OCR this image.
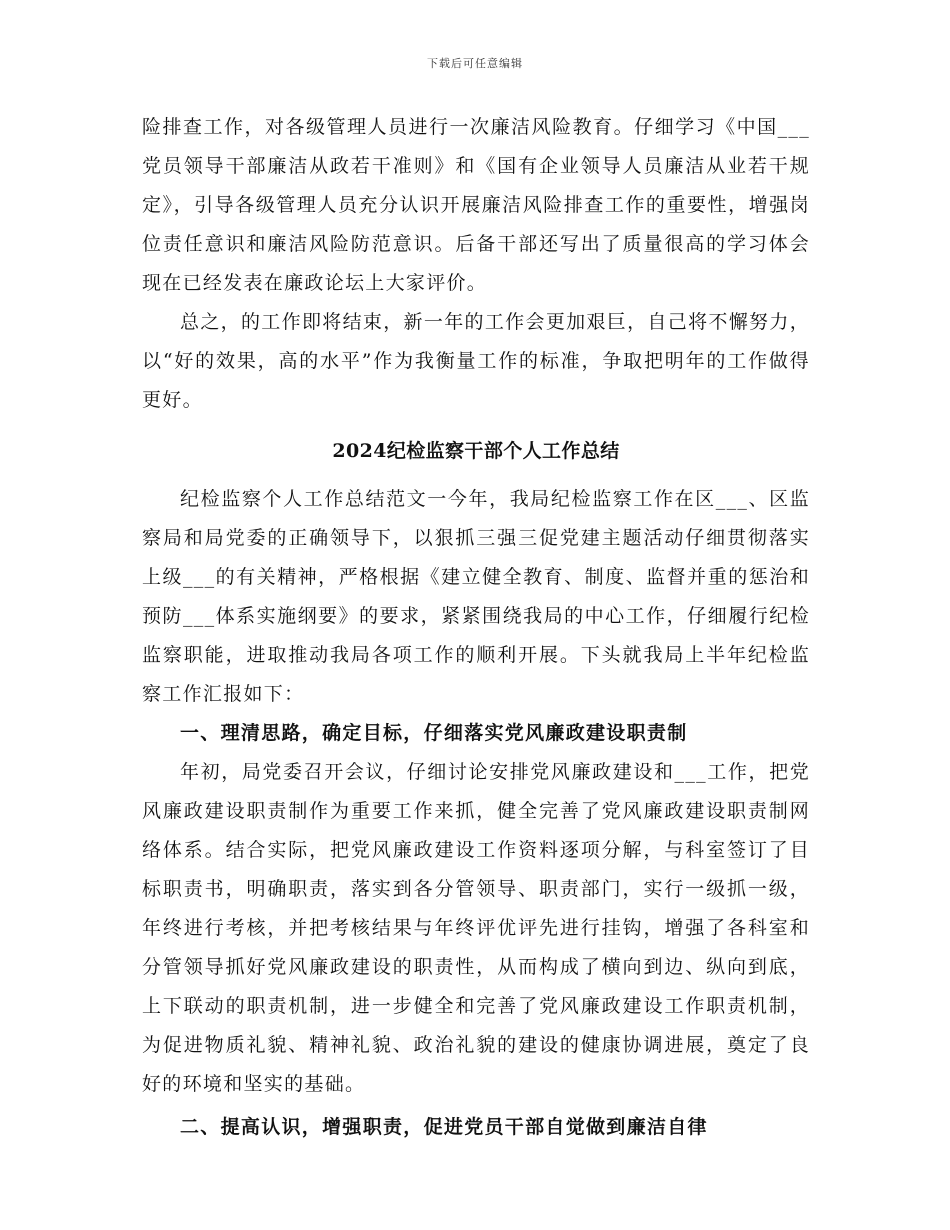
下载后可任意编辑

险排查工作，对各级管理人员进行一次廉洁风险教育。仔细学习《中国___党员领导干部廉洁从政若干准则》和《国有企业领导人员廉洁从业若干规定》，引导各级管理人员充分认识开展廉洁风险排查工作的重要性，增强岗位责任意识和廉洁风险防范意识。后备干部还写出了质量很高的学习体会现在已经发表在廉政论坛上大家评价。

总之，的工作即将结束，新一年的工作会更加艰巨，自己将不懈努力，以“好的效果，高的水平”作为我衡量工作的标准，争取把明年的工作做得更好。

2024纪检监察干部个人工作总结

纪检监察个人工作总结范文一今年，我局纪检监察工作在区___、区监察局和局党委的正确领导下，以狠抓三强三促党建主题活动仔细贯彻落实上级___的有关精神，严格根据《建立健全教育、制度、监督并重的惩治和预防___体系实施纲要》的要求，紧紧围绕我局的中心工作，仔细履行纪检监察职能，进取推动我局各项工作的顺利开展。下头就我局上半年纪检监察工作汇报如下：

一、理清思路，确定目标，仔细落实党风廉政建设职责制

年初，局党委召开会议，仔细讨论安排党风廉政建设和___工作，把党风廉政建设职责制作为重要工作来抓，健全完善了党风廉政建设职责制网络体系。结合实际，把党风廉政建设工作资料逐项分解，与科室签订了目标职责书，明确职责，落实到各分管领导、职责部门，实行一级抓一级，年终进行考核，并把考核结果与年终评优评先进行挂钩，增强了各科室和分管领导抓好党风廉政建设的职责性，从而构成了横向到边、纵向到底，上下联动的职责机制，进一步健全和完善了党风廉政建设工作职责机制，为促进物质礼貌、精神礼貌、政治礼貌的建设的健康协调进展，奠定了良好的环境和坚实的基础。

二、提高认识，增强职责，促进党员干部自觉做到廉洁自律
